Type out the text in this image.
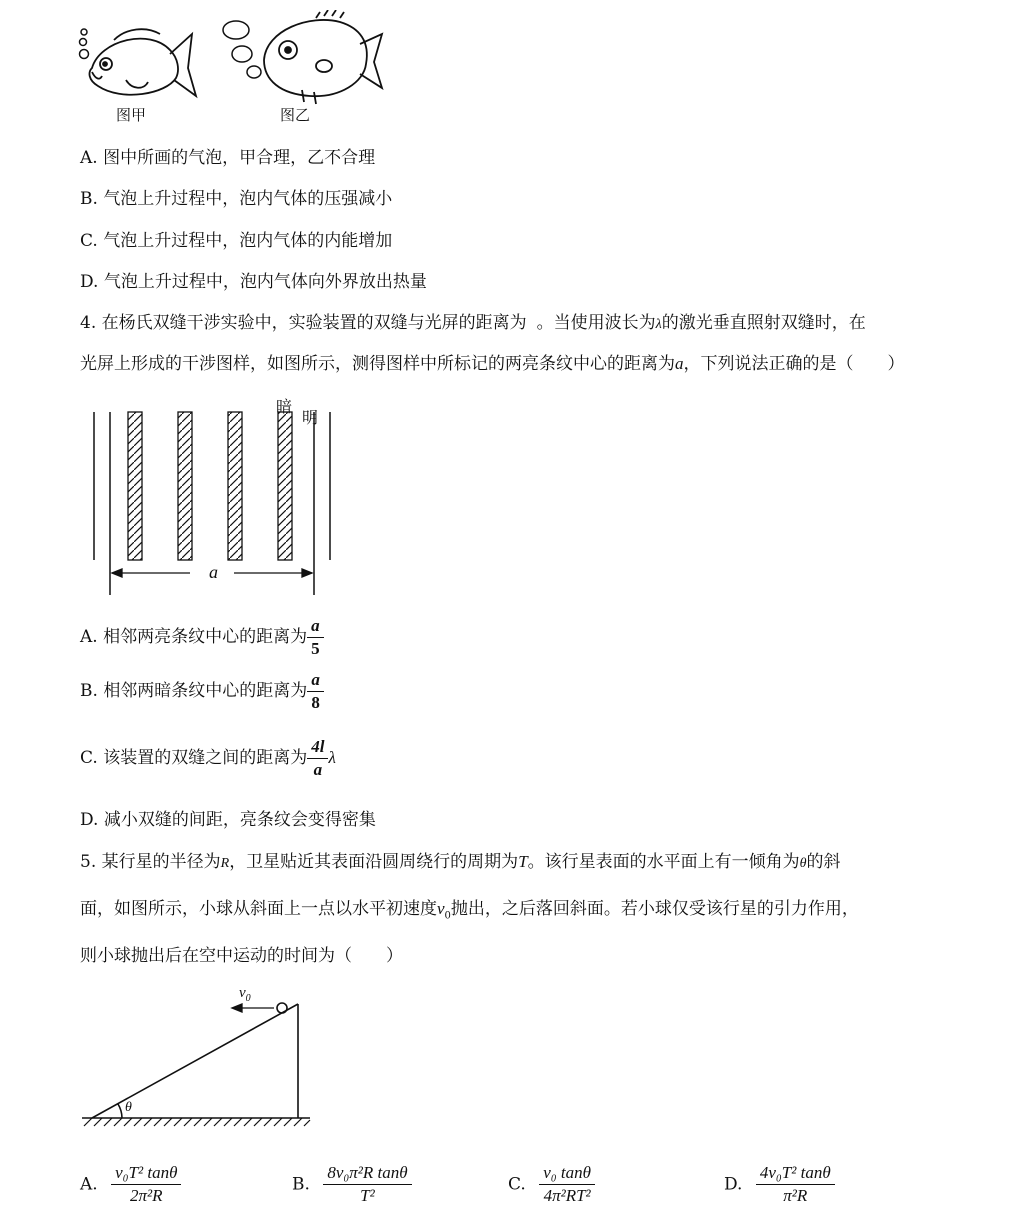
图甲	图乙
A. 图中所画的气泡，甲合理，乙不合理
B. 气泡上升过程中，泡内气体的压强减小
C. 气泡上升过程中，泡内气体的内能增加
D. 气泡上升过程中，泡内气体向外界放出热量
4. 在杨氏双缝干涉实验中，实验装置的双缝与光屏的距离为 。当使用波长为λ的激光垂直照射双缝时，在
光屏上形成的干涉图样，如图所示，测得图样中所标记的两亮条纹中心的距离为a，下列说法正确的是（　　）
暗
明
a
A. 相邻两亮条纹中心的距离为 $\frac{a}{5}$
B. 相邻两暗条纹中心的距离为 $\frac{a}{8}$
C. 该装置的双缝之间的距离为 $\frac{4l}{a}$ λ
D. 减小双缝的间距，亮条纹会变得密集
5. 某行星的半径为R，卫星贴近其表面沿圆周绕行的周期为T。该行星表面的水平面上有一倾角为θ的斜
面，如图所示，小球从斜面上一点以水平初速度$v_0$抛出，之后落回斜面。若小球仅受该行星的引力作用，
则小球抛出后在空中运动的时间为（　　）
$v_0$
θ
A. $\frac{\text{v₀T² tanθ}}{\text{2π²R}}$	B. $\frac{\text{8v₀π²R tanθ}}{\text{T²}}$	C. $\frac{\text{v₀ tanθ}}{\text{4π²RT²}}$	D. $\frac{\text{4v₀T² tanθ}}{\text{π²R}}$
